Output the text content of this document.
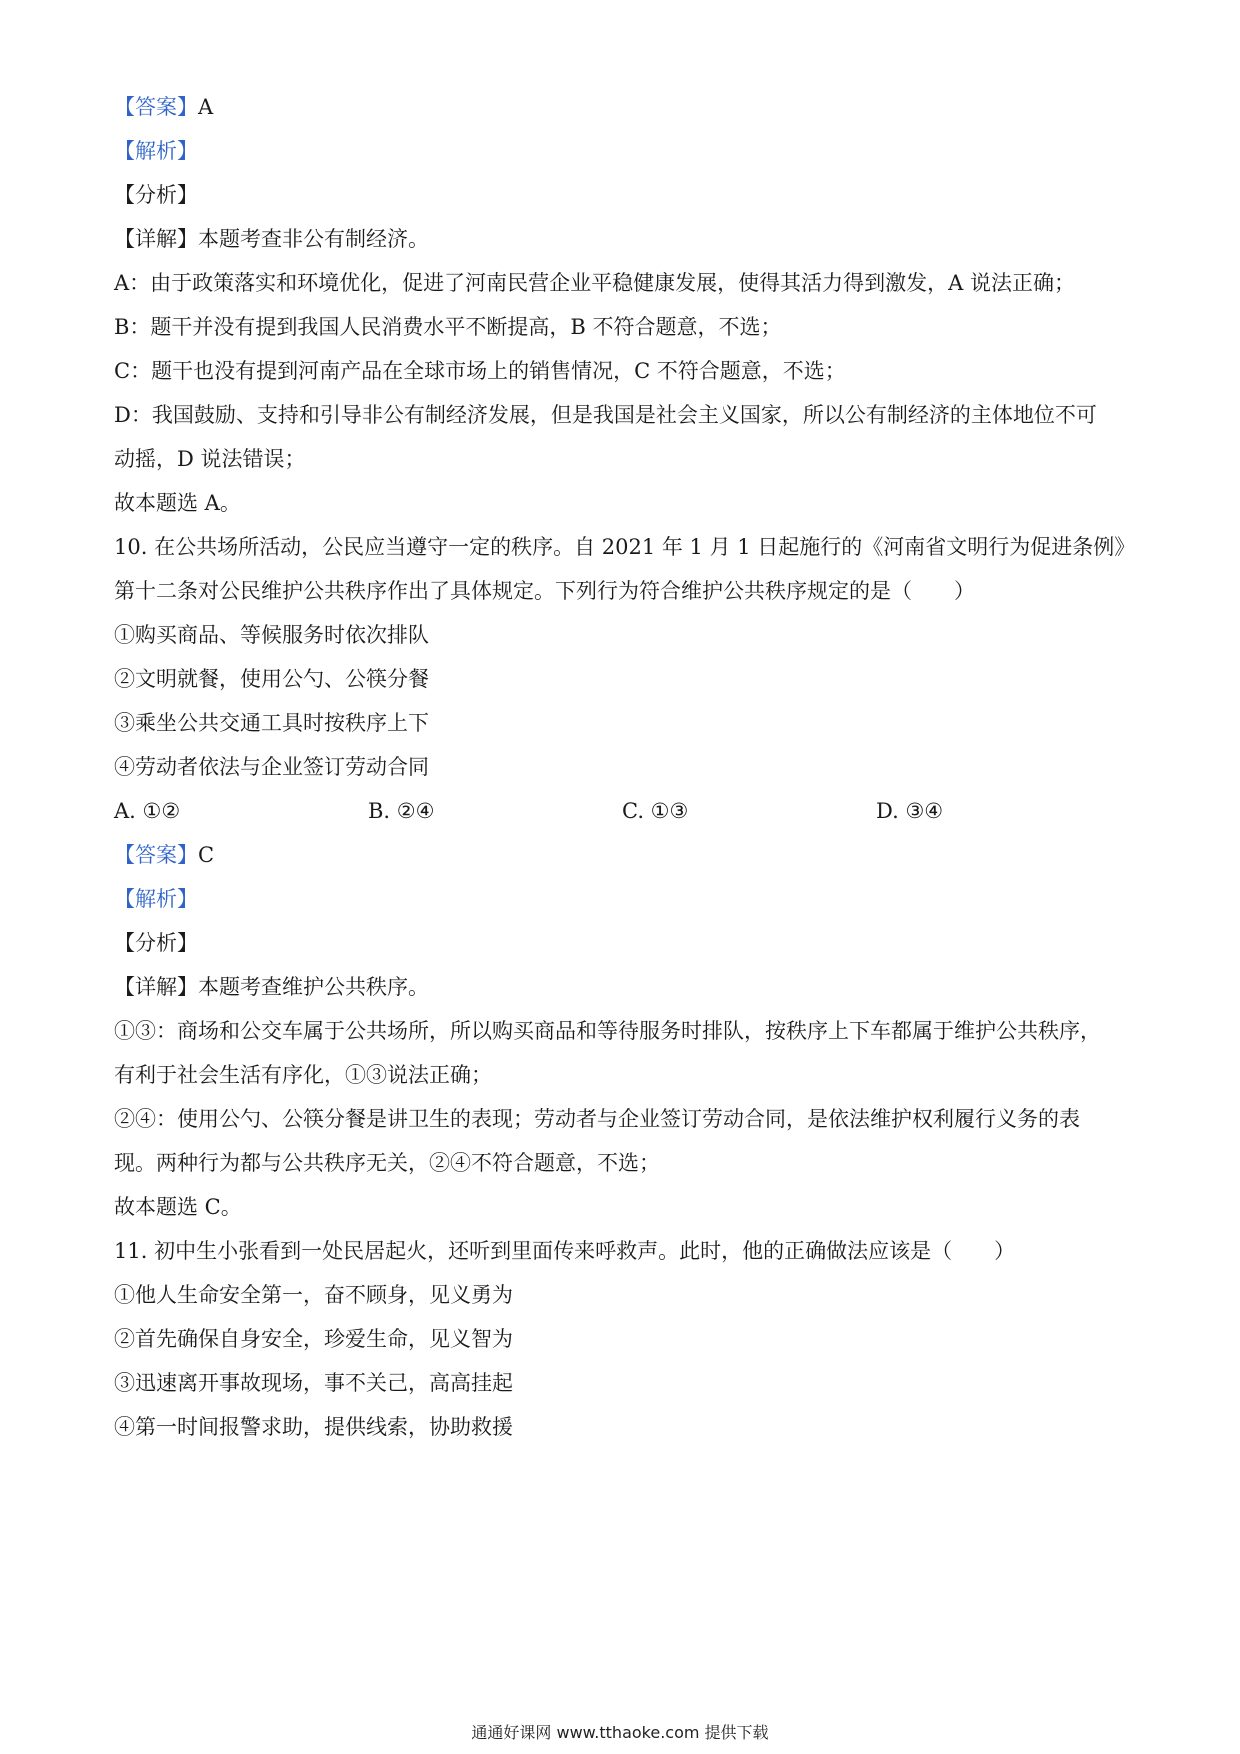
【答案】A
【解析】
【分析】
【详解】本题考查非公有制经济。
A：由于政策落实和环境优化，促进了河南民营企业平稳健康发展，使得其活力得到激发，A 说法正确；
B：题干并没有提到我国人民消费水平不断提高，B 不符合题意，不选；
C：题干也没有提到河南产品在全球市场上的销售情况，C 不符合题意，不选；
D：我国鼓励、支持和引导非公有制经济发展，但是我国是社会主义国家，所以公有制经济的主体地位不可
动摇，D 说法错误；
故本题选 A。
10. 在公共场所活动，公民应当遵守一定的秩序。自 2021 年 1 月 1 日起施行的《河南省文明行为促进条例》
第十二条对公民维护公共秩序作出了具体规定。下列行为符合维护公共秩序规定的是（　　）
①购买商品、等候服务时依次排队
②文明就餐，使用公勺、公筷分餐
③乘坐公共交通工具时按秩序上下
④劳动者依法与企业签订劳动合同
A. ①②	B. ②④	C. ①③	D. ③④
【答案】C
【解析】
【分析】
【详解】本题考查维护公共秩序。
①③：商场和公交车属于公共场所，所以购买商品和等待服务时排队，按秩序上下车都属于维护公共秩序，
有利于社会生活有序化，①③说法正确；
②④：使用公勺、公筷分餐是讲卫生的表现；劳动者与企业签订劳动合同，是依法维护权利履行义务的表
现。两种行为都与公共秩序无关，②④不符合题意，不选；
故本题选 C。
11. 初中生小张看到一处民居起火，还听到里面传来呼救声。此时，他的正确做法应该是（　　）
①他人生命安全第一，奋不顾身，见义勇为
②首先确保自身安全，珍爱生命，见义智为
③迅速离开事故现场，事不关己，高高挂起
④第一时间报警求助，提供线索，协助救援
通通好课网 www.tthaoke.com 提供下载
